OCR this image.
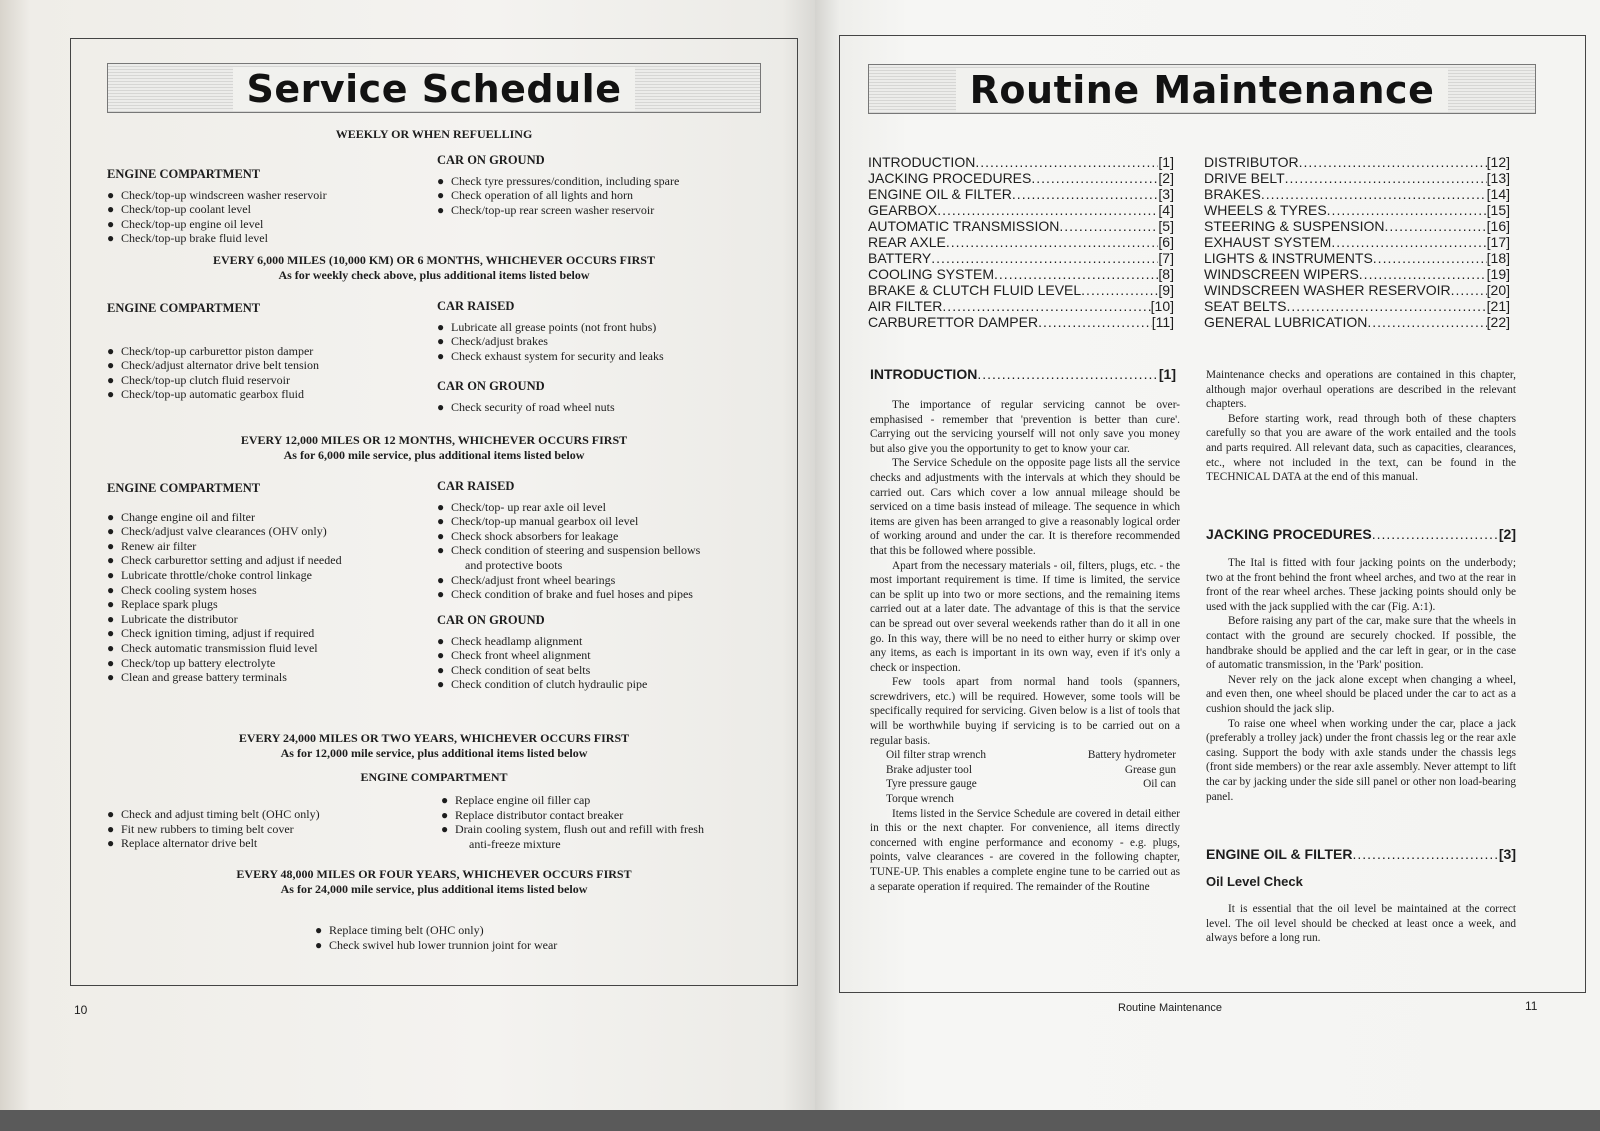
Service Schedule
WEEKLY OR WHEN REFUELLING
ENGINE COMPARTMENT
● Check/top-up windscreen washer reservoir
● Check/top-up coolant level
● Check/top-up engine oil level
● Check/top-up brake fluid level
CAR ON GROUND
● Check tyre pressures/condition, including spare
● Check operation of all lights and horn
● Check/top-up rear screen washer reservoir
EVERY 6,000 MILES (10,000 KM) OR 6 MONTHS, WHICHEVER OCCURS FIRST
As for weekly check above, plus additional items listed below
ENGINE COMPARTMENT
● Check/top-up carburettor piston damper
● Check/adjust alternator drive belt tension
● Check/top-up clutch fluid reservoir
● Check/top-up automatic gearbox fluid
CAR RAISED
● Lubricate all grease points (not front hubs)
● Check/adjust brakes
● Check exhaust system for security and leaks
CAR ON GROUND
● Check security of road wheel nuts
EVERY 12,000 MILES OR 12 MONTHS, WHICHEVER OCCURS FIRST
As for 6,000 mile service, plus additional items listed below
ENGINE COMPARTMENT
● Change engine oil and filter
● Check/adjust valve clearances (OHV only)
● Renew air filter
● Check carburettor setting and adjust if needed
● Lubricate throttle/choke control linkage
● Check cooling system hoses
● Replace spark plugs
● Lubricate the distributor
● Check ignition timing, adjust if required
● Check automatic transmission fluid level
● Check/top up battery electrolyte
● Clean and grease battery terminals
CAR RAISED
● Check/top- up rear axle oil level
● Check/top-up manual gearbox oil level
● Check shock absorbers for leakage
● Check condition of steering and suspension bellows
and protective boots
● Check/adjust front wheel bearings
● Check condition of brake and fuel hoses and pipes
CAR ON GROUND
● Check headlamp alignment
● Check front wheel alignment
● Check condition of seat belts
● Check condition of clutch hydraulic pipe
EVERY 24,000 MILES OR TWO YEARS, WHICHEVER OCCURS FIRST
As for 12,000 mile service, plus additional items listed below
ENGINE COMPARTMENT
● Check and adjust timing belt (OHC only)
● Fit new rubbers to timing belt cover
● Replace alternator drive belt
● Replace engine oil filler cap
● Replace distributor contact breaker
● Drain cooling system, flush out and refill with fresh
anti-freeze mixture
EVERY 48,000 MILES OR FOUR YEARS, WHICHEVER OCCURS FIRST
As for 24,000 mile service, plus additional items listed below
● Replace timing belt (OHC only)
● Check swivel hub lower trunnion joint for wear
10
Routine Maintenance
INTRODUCTION .....	[1]
JACKING PROCEDURES .....	[2]
ENGINE OIL & FILTER .....	[3]
GEARBOX .....	[4]
AUTOMATIC TRANSMISSION .....	[5]
REAR AXLE .....	[6]
BATTERY .....	[7]
COOLING SYSTEM .....	[8]
BRAKE & CLUTCH FLUID LEVEL .....	[9]
AIR FILTER .....	[10]
CARBURETTOR DAMPER .....	[11]
DISTRIBUTOR .....	[12]
DRIVE BELT .....	[13]
BRAKES .....	[14]
WHEELS & TYRES .....	[15]
STEERING & SUSPENSION .....	[16]
EXHAUST SYSTEM .....	[17]
LIGHTS & INSTRUMENTS .....	[18]
WINDSCREEN WIPERS .....	[19]
WINDSCREEN WASHER RESERVOIR .....	[20]
SEAT BELTS .....	[21]
GENERAL LUBRICATION .....	[22]
INTRODUCTION .....	[1]

The importance of regular servicing cannot be over-emphasised - remember that 'prevention is better than cure'. Carrying out the servicing yourself will not only save you money but also give you the opportunity to get to know your car.

The Service Schedule on the opposite page lists all the service checks and adjustments with the intervals at which they should be carried out. Cars which cover a low annual mileage should be serviced on a time basis instead of mileage. The sequence in which items are given has been arranged to give a reasonably logical order of working around and under the car. It is therefore recommended that this be followed where possible.

Apart from the necessary materials - oil, filters, plugs, etc. - the most important requirement is time. If time is limited, the service can be split up into two or more sections, and the remaining items carried out at a later date. The advantage of this is that the service can be spread out over several weekends rather than do it all in one go. In this way, there will be no need to either hurry or skimp over any items, as each is important in its own way, even if it's only a check or inspection.

Few tools apart from normal hand tools (spanners, screwdrivers, etc.) will be required. However, some tools will be specifically required for servicing. Given below is a list of tools that will be worthwhile buying if servicing is to be carried out on a regular basis.

Oil filter strap wrench	Battery hydrometer
Brake adjuster tool	Grease gun
Tyre pressure gauge	Oil can
Torque wrench

Items listed in the Service Schedule are covered in detail either in this or the next chapter. For convenience, all items directly concerned with engine performance and economy - e.g. plugs, points, valve clearances - are covered in the following chapter, TUNE-UP. This enables a complete engine tune to be carried out as a separate operation if required. The remainder of the Routine

Maintenance checks and operations are contained in this chapter, although major overhaul operations are described in the relevant chapters.

Before starting work, read through both of these chapters carefully so that you are aware of the work entailed and the tools and parts required. All relevant data, such as capacities, clearances, etc., where not included in the text, can be found in the TECHNICAL DATA at the end of this manual.

JACKING PROCEDURES .....	[2]

The Ital is fitted with four jacking points on the underbody; two at the front behind the front wheel arches, and two at the rear in front of the rear wheel arches. These jacking points should only be used with the jack supplied with the car (Fig. A:1).

Before raising any part of the car, make sure that the wheels in contact with the ground are securely chocked. If possible, the handbrake should be applied and the car left in gear, or in the case of automatic transmission, in the 'Park' position.

Never rely on the jack alone except when changing a wheel, and even then, one wheel should be placed under the car to act as a cushion should the jack slip.

To raise one wheel when working under the car, place a jack (preferably a trolley jack) under the front chassis leg or the rear axle casing. Support the body with axle stands under the chassis legs (front side members) or the rear axle assembly. Never attempt to lift the car by jacking under the side sill panel or other non load-bearing panel.

ENGINE OIL & FILTER .....	[3]
Oil Level Check

It is essential that the oil level be maintained at the correct level. The oil level should be checked at least once a week, and always before a long run.

Routine Maintenance	11
